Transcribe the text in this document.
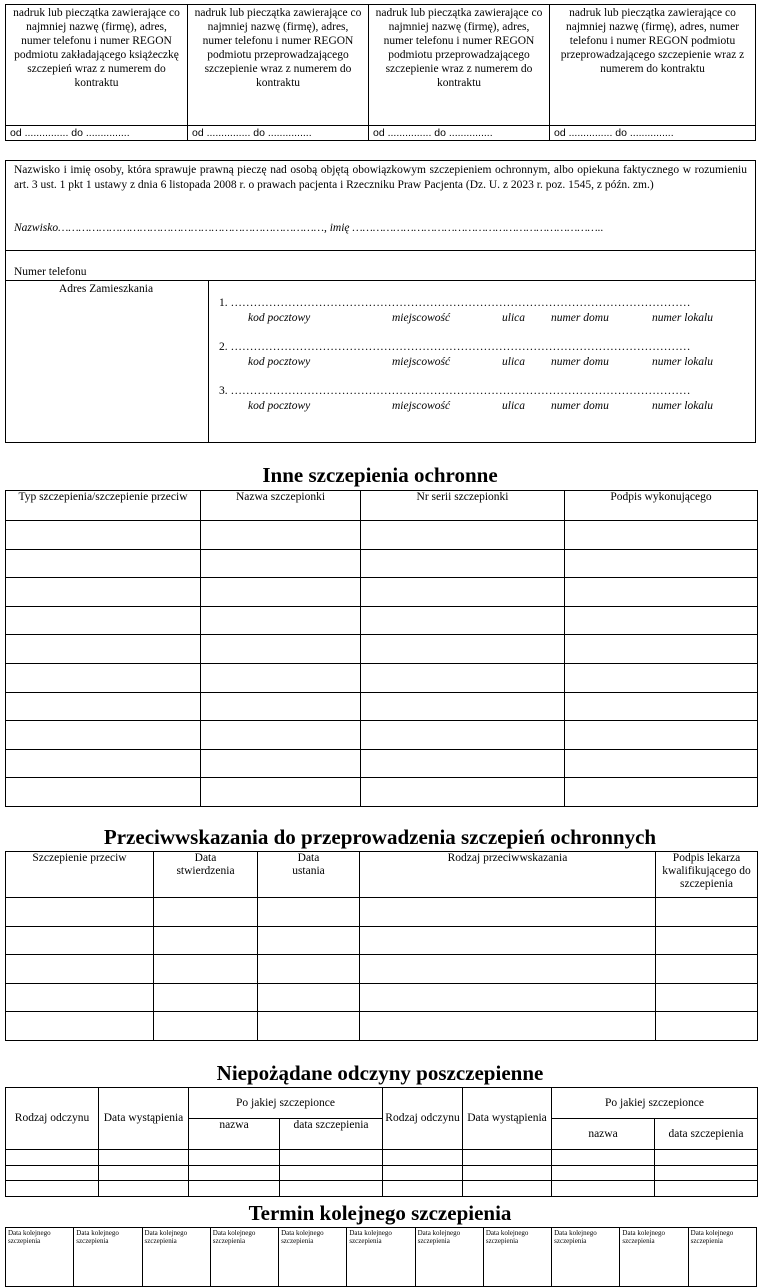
nadruk lub pieczątka zawierające co najmniej nazwę (firmę), adres, numer telefonu i numer REGON podmiotu zakładającego książeczkę szczepień wraz z numerem do kontraktu	nadruk lub pieczątka zawierające co najmniej nazwę (firmę), adres, numer telefonu i numer REGON podmiotu przeprowadzającego szczepienie wraz z numerem do kontraktu	nadruk lub pieczątka zawierające co najmniej nazwę (firmę), adres, numer telefonu i numer REGON podmiotu przeprowadzającego szczepienie wraz z numerem do kontraktu	nadruk lub pieczątka zawierające co najmniej nazwę (firmę), adres, numer telefonu i numer REGON podmiotu przeprowadzającego szczepienie wraz z numerem do kontraktu
od ............... do ...............	od ............... do ...............	od ............... do ...............	od ............... do ...............
Nazwisko i imię osoby, która sprawuje prawną pieczę nad osobą objętą obowiązkowym szczepieniem ochronnym, albo opiekuna faktycznego w rozumieniu art. 3 ust. 1 pkt 1 ustawy z dnia 6 listopada 2008 r. o prawach pacjenta i Rzeczniku Praw Pacjenta (Dz. U. z 2023 r. poz. 1545, z późn. zm.)
Nazwisko……………………………………………………………………, imię ………………………………………………………………..
Numer telefonu
Adres Zamieszkania
1. …………………………………………………………………………………………………………
kod pocztowy	miejscowość	ulica numer domu	numer lokalu
2. …………………………………………………………………………………………………………
kod pocztowy	miejscowość	ulica numer domu	numer lokalu
3. …………………………………………………………………………………………………………
kod pocztowy	miejscowość	ulica numer domu	numer lokalu
Inne szczepienia ochronne
Typ szczepienia/szczepienie przeciw	Nazwa szczepionki	Nr serii szczepionki	Podpis wykonującego

Przeciwwskazania do przeprowadzenia szczepień ochronnych
Szczepienie przeciw	Data stwierdzenia	Data ustania	Rodzaj przeciwwskazania	Podpis lekarza kwalifikującego do szczepienia

Niepożądane odczyny poszczepienne
Rodzaj odczynu	Data wystąpienia	Po jakiej szczepionce		Rodzaj odczynu	Data wystąpienia	Po jakiej szczepionce	
		nazwa	data szczepienia			nazwa	data szczepienia

Termin kolejnego szczepienia
Data kolejnego szczepienia	Data kolejnego szczepienia	Data kolejnego szczepienia	Data kolejnego szczepienia	Data kolejnego szczepienia	Data kolejnego szczepienia	Data kolejnego szczepienia	Data kolejnego szczepienia	Data kolejnego szczepienia	Data kolejnego szczepienia	Data kolejnego szczepienia
